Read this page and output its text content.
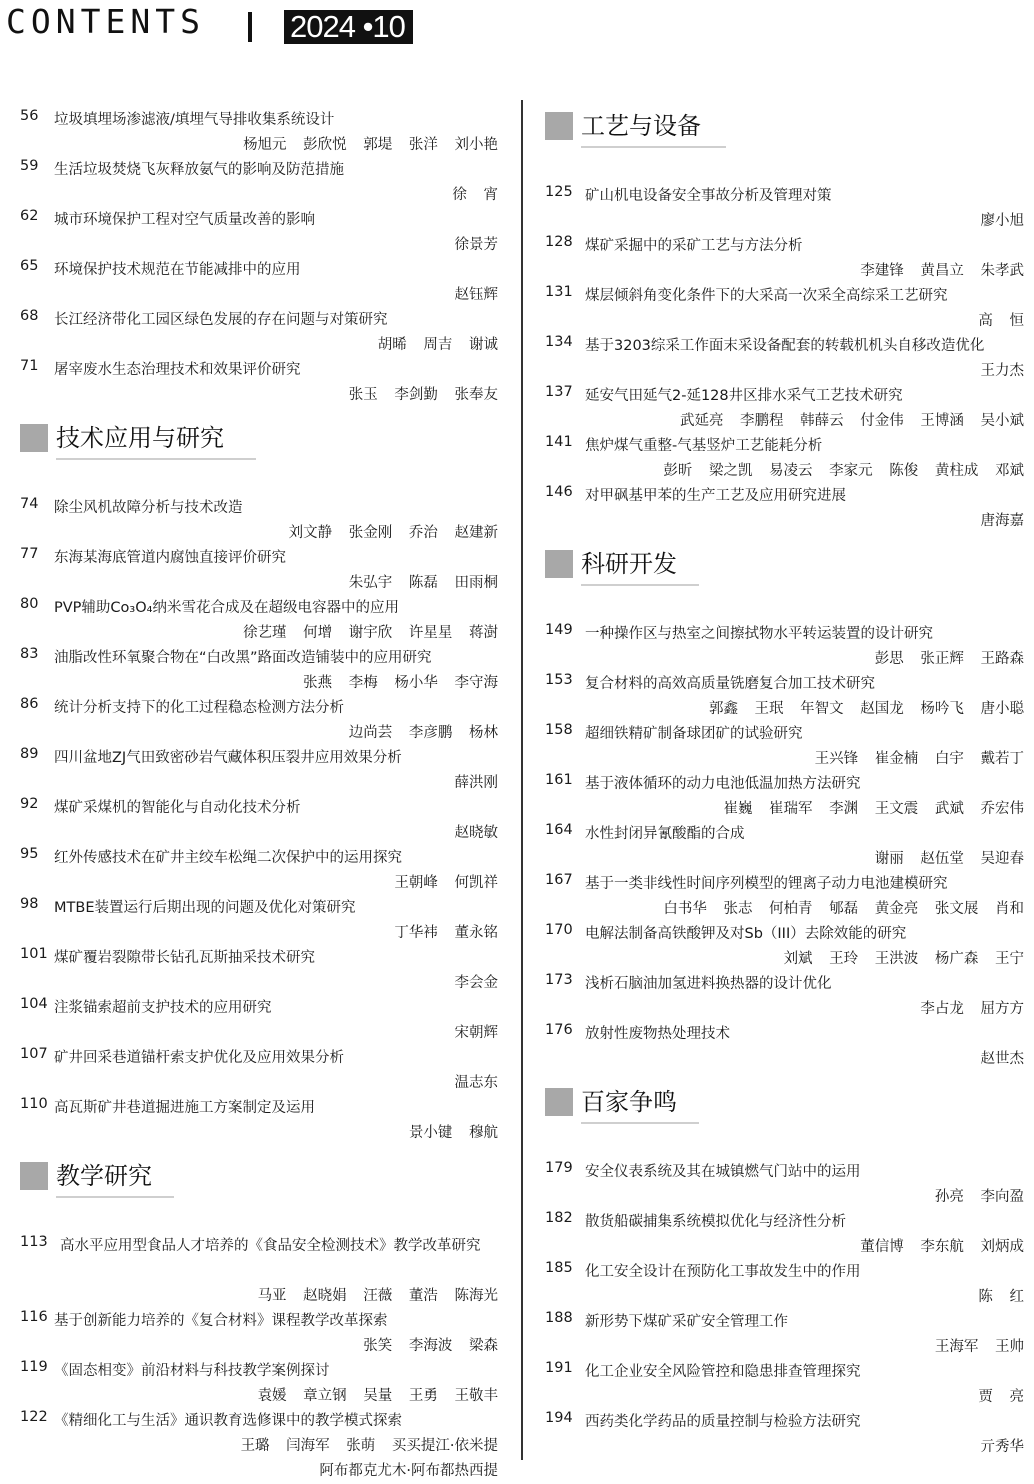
CONTENTS	2024 •10
56	垃圾填埋场渗滤液/填埋气导排收集系统设计
杨旭元 彭欣悦 郭堤 张洋 刘小艳
59	生活垃圾焚烧飞灰释放氨气的影响及防范措施
徐 宵
62	城市环境保护工程对空气质量改善的影响
徐景芳
65	环境保护技术规范在节能减排中的应用
赵钰辉
68	长江经济带化工园区绿色发展的存在问题与对策研究
胡晞 周吉 谢诚
71	屠宰废水生态治理技术和效果评价研究
张玉 李剑勤 张奉友
技术应用与研究
74	除尘风机故障分析与技术改造
刘文静 张金刚 乔治 赵建新
77	东海某海底管道内腐蚀直接评价研究
朱弘宇 陈磊 田雨桐
80	PVP辅助Co₃O₄纳米雪花合成及在超级电容器中的应用
徐艺瑾 何增 谢宇欣 许星星 蒋澍
83	油脂改性环氧聚合物在“白改黑”路面改造铺装中的应用研究
张燕 李梅 杨小华 李守海
86	统计分析支持下的化工过程稳态检测方法分析
边尚芸 李彦鹏 杨林
89	四川盆地ZJ气田致密砂岩气藏体积压裂井应用效果分析
薛洪刚
92	煤矿采煤机的智能化与自动化技术分析
赵晓敏
95	红外传感技术在矿井主绞车松绳二次保护中的运用探究
王朝峰 何凯祥
98	MTBE装置运行后期出现的问题及优化对策研究
丁华袆 董永铭
101 煤矿覆岩裂隙带长钻孔瓦斯抽采技术研究
李会金
104 注浆锚索超前支护技术的应用研究
宋朝辉
107 矿井回采巷道锚杆索支护优化及应用效果分析
温志东
110 高瓦斯矿井巷道掘进施工方案制定及运用
景小键 穆航
教学研究
113 高水平应用型食品人才培养的《食品安全检测技术》教学改革研究
马亚 赵晓娟 汪薇 董浩 陈海光
116 基于创新能力培养的《复合材料》课程教学改革探索
张笑 李海波 梁森
119 《固态相变》前沿材料与科技教学案例探讨
袁媛 章立钢 吴量 王勇 王敬丰
122 《精细化工与生活》通识教育选修课中的教学模式探索
王璐 闫海军 张萌 买买提江·依米提
阿布都克尤木·阿布都热西提
工艺与设备
125 矿山机电设备安全事故分析及管理对策
廖小旭
128 煤矿采掘中的采矿工艺与方法分析
李建锋 黄昌立 朱孝武
131 煤层倾斜角变化条件下的大采高一次采全高综采工艺研究
高 恒
134 基于3203综采工作面末采设备配套的转载机机头自移改造优化
王力杰
137 延安气田延气2-延128井区排水采气工艺技术研究
武延亮 李鹏程 韩薛云 付金伟 王博涵 吴小斌
141 焦炉煤气重整-气基竖炉工艺能耗分析
彭昕 梁之凯 易凌云 李家元 陈俊 黄柱成 邓斌
146 对甲砜基甲苯的生产工艺及应用研究进展
唐海嘉
科研开发
149 一种操作区与热室之间擦拭物水平转运装置的设计研究
彭思 张正辉 王路森
153 复合材料的高效高质量铣磨复合加工技术研究
郭鑫 王珉 年智文 赵国龙 杨吟飞 唐小聪
158 超细铁精矿制备球团矿的试验研究
王兴锋 崔金楠 白宇 戴若丁
161 基于液体循环的动力电池低温加热方法研究
崔巍 崔瑞军 李渊 王文震 武斌 乔宏伟
164 水性封闭异氰酸酯的合成
谢丽 赵伍堂 吴迎春
167 基于一类非线性时间序列模型的锂离子动力电池建模研究
白书华 张志 何柏青 郇磊 黄金亮 张文展 肖和
170 电解法制备高铁酸钾及对Sb（III）去除效能的研究
刘斌 王玲 王洪波 杨广森 王宁
173 浅析石脑油加氢进料换热器的设计优化
李占龙 屈方方
176 放射性废物热处理技术
赵世杰
百家争鸣
179 安全仪表系统及其在城镇燃气门站中的运用
孙亮 李向盈
182 散货船碳捕集系统模拟优化与经济性分析
董信博 李东航 刘炳成
185 化工安全设计在预防化工事故发生中的作用
陈 红
188 新形势下煤矿采矿安全管理工作
王海军 王帅
191 化工企业安全风险管控和隐患排查管理探究
贾 亮
194 西药类化学药品的质量控制与检验方法研究
亓秀华
